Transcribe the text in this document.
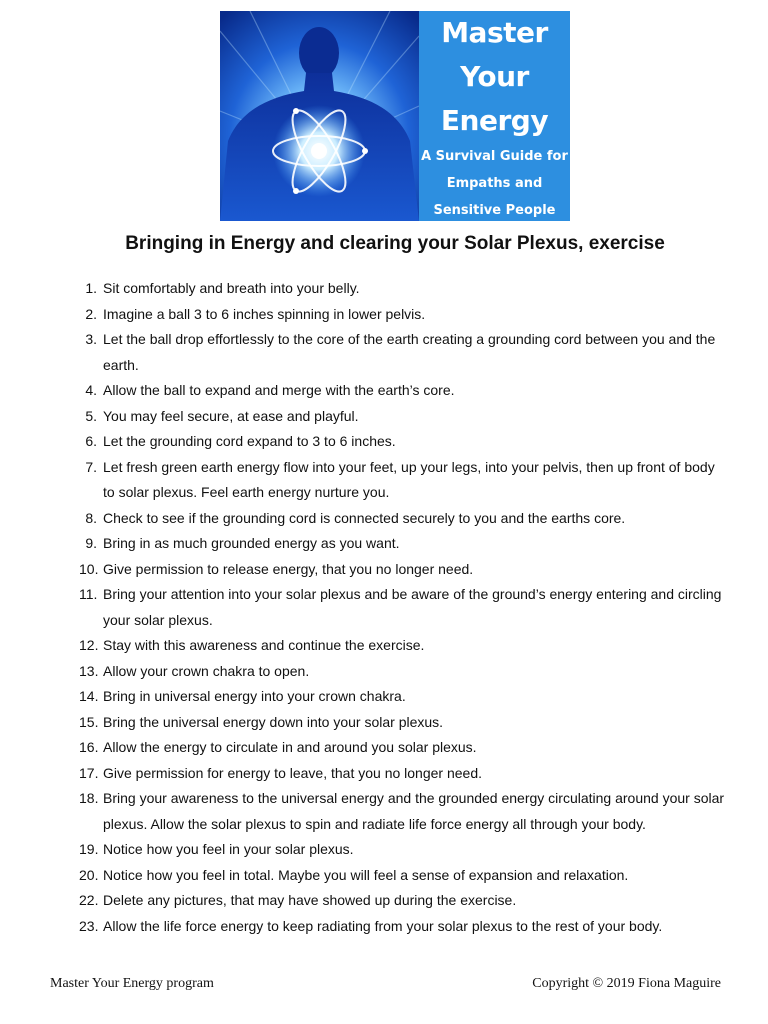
Master
Your
Energy
A Survival Guide for
Empaths and
Sensitive People
Bringing in Energy and clearing your Solar Plexus, exercise
1. Sit comfortably and breath into your belly.
2. Imagine a ball 3 to 6 inches spinning in lower pelvis.
3. Let the ball drop effortlessly to the core of the earth creating a grounding cord between you and the earth.
4. Allow the ball to expand and merge with the earth’s core.
5. You may feel secure, at ease and playful.
6. Let the grounding cord expand to 3 to 6 inches.
7. Let fresh green earth energy flow into your feet, up your legs, into your pelvis, then up front of body to solar plexus. Feel earth energy nurture you.
8. Check to see if the grounding cord is connected securely to you and the earths core.
9. Bring in as much grounded energy as you want.
10. Give permission to release energy, that you no longer need.
11. Bring your attention into your solar plexus and be aware of the ground’s energy entering and circling your solar plexus.
12. Stay with this awareness and continue the exercise.
13. Allow your crown chakra to open.
14. Bring in universal energy into your crown chakra.
15. Bring the universal energy down into your solar plexus.
16. Allow the energy to circulate in and around you solar plexus.
17. Give permission for energy to leave, that you no longer need.
18. Bring your awareness to the universal energy and the grounded energy circulating around your solar plexus. Allow the solar plexus to spin and radiate life force energy all through your body.
19. Notice how you feel in your solar plexus.
20. Notice how you feel in total. Maybe you will feel a sense of expansion and relaxation.
22. Delete any pictures, that may have showed up during the exercise.
23. Allow the life force energy to keep radiating from your solar plexus to the rest of your body.
Master Your Energy program	Copyright © 2019 Fiona Maguire
